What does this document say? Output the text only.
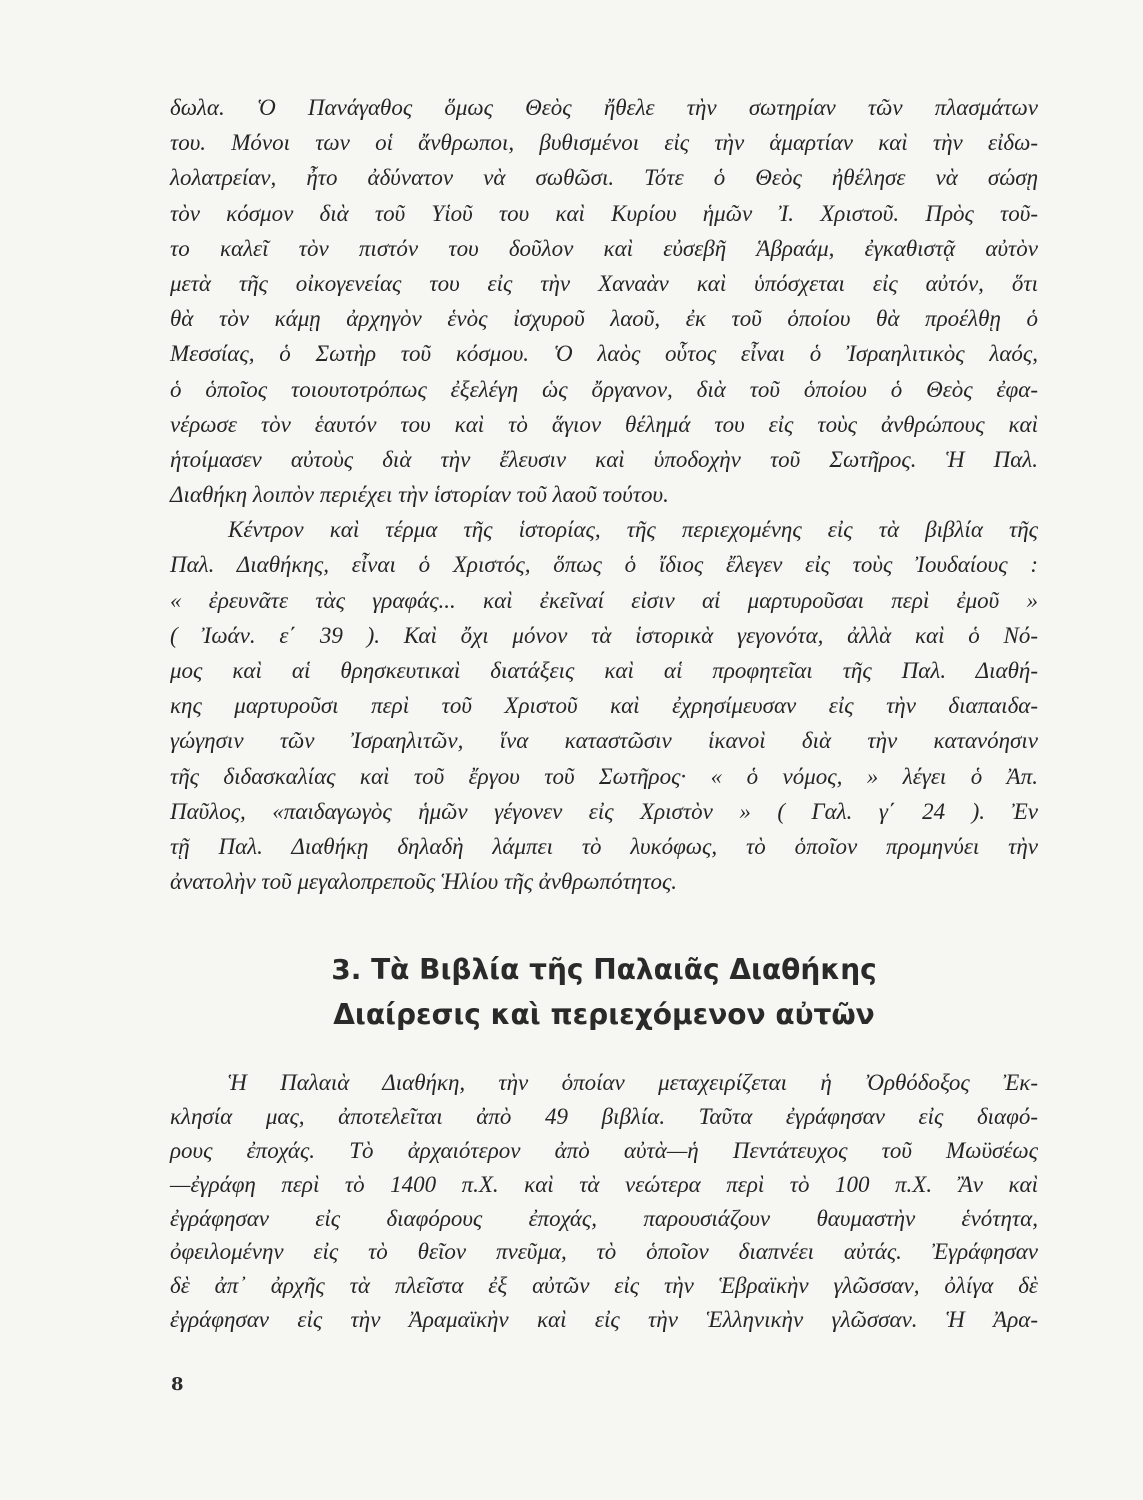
δωλα. Ὁ Πανάγαθος ὅμως Θεὸς ἤθελε τὴν σωτηρίαν τῶν πλασμάτων
του. Μόνοι των οἱ ἄνθρωποι, βυθισμένοι εἰς τὴν ἁμαρτίαν καὶ τὴν εἰδω-
λολατρείαν, ἦτο ἀδύνατον νὰ σωθῶσι. Τότε ὁ Θεὸς ἠθέλησε νὰ σώσῃ
τὸν κόσμον διὰ τοῦ Υἱοῦ του καὶ Κυρίου ἡμῶν Ἰ. Χριστοῦ. Πρὸς τοῦ-
το καλεῖ τὸν πιστόν του δοῦλον καὶ εὐσεβῆ Ἁβραάμ, ἐγκαθιστᾷ αὐτὸν
μετὰ τῆς οἰκογενείας του εἰς τὴν Χαναὰν καὶ ὑπόσχεται εἰς αὐτόν, ὅτι
θὰ τὸν κάμῃ ἀρχηγὸν ἑνὸς ἰσχυροῦ λαοῦ, ἐκ τοῦ ὁποίου θὰ προέλθῃ ὁ
Μεσσίας, ὁ Σωτὴρ τοῦ κόσμου. Ὁ λαὸς οὗτος εἶναι ὁ Ἰσραηλιτικὸς λαός,
ὁ ὁποῖος τοιουτοτρόπως ἐξελέγη ὡς ὄργανον, διὰ τοῦ ὁποίου ὁ Θεὸς ἐφα-
νέρωσε τὸν ἑαυτόν του καὶ τὸ ἅγιον θέλημά του εἰς τοὺς ἀνθρώπους καὶ
ἡτοίμασεν αὐτοὺς διὰ τὴν ἔλευσιν καὶ ὑποδοχὴν τοῦ Σωτῆρος. Ἡ Παλ.
Διαθήκη λοιπὸν περιέχει τὴν ἱστορίαν τοῦ λαοῦ τούτου.
Κέντρον καὶ τέρμα τῆς ἱστορίας, τῆς περιεχομένης εἰς τὰ βιβλία τῆς
Παλ. Διαθήκης, εἶναι ὁ Χριστός, ὅπως ὁ ἴδιος ἔλεγεν εἰς τοὺς Ἰουδαίους :
« ἐρευνᾶτε τὰς γραφάς... καὶ ἐκεῖναί εἰσιν αἱ μαρτυροῦσαι περὶ ἐμοῦ »
( Ἰωάν. ε΄ 39 ). Καὶ ὄχι μόνον τὰ ἱστορικὰ γεγονότα, ἀλλὰ καὶ ὁ Νό-
μος καὶ αἱ θρησκευτικαὶ διατάξεις καὶ αἱ προφητεῖαι τῆς Παλ. Διαθή-
κης μαρτυροῦσι περὶ τοῦ Χριστοῦ καὶ ἐχρησίμευσαν εἰς τὴν διαπαιδα-
γώγησιν τῶν Ἰσραηλιτῶν, ἵνα καταστῶσιν ἱκανοὶ διὰ τὴν κατανόησιν
τῆς διδασκαλίας καὶ τοῦ ἔργου τοῦ Σωτῆρος· « ὁ νόμος, » λέγει ὁ Ἀπ.
Παῦλος, «παιδαγωγὸς ἡμῶν γέγονεν εἰς Χριστὸν » ( Γαλ. γ΄ 24 ). Ἐν
τῇ Παλ. Διαθήκῃ δηλαδὴ λάμπει τὸ λυκόφως, τὸ ὁποῖον προμηνύει τὴν
ἀνατολὴν τοῦ μεγαλοπρεποῦς Ἡλίου τῆς ἀνθρωπότητος.
3. Τὰ Βιβλία τῆς Παλαιᾶς Διαθήκης
Διαίρεσις καὶ περιεχόμενον αὐτῶν
Ἡ Παλαιὰ Διαθήκη, τὴν ὁποίαν μεταχειρίζεται ἡ Ὀρθόδοξος Ἐκ-
κλησία μας, ἀποτελεῖται ἀπὸ 49 βιβλία. Ταῦτα ἐγράφησαν εἰς διαφό-
ρους ἐποχάς. Τὸ ἀρχαιότερον ἀπὸ αὐτὰ—ἡ Πεντάτευχος τοῦ Μωϋσέως
—ἐγράφη περὶ τὸ 1400 π.Χ. καὶ τὰ νεώτερα περὶ τὸ 100 π.Χ. Ἂν καὶ
ἐγράφησαν εἰς διαφόρους ἐποχάς, παρουσιάζουν θαυμαστὴν ἑνότητα,
ὀφειλομένην εἰς τὸ θεῖον πνεῦμα, τὸ ὁποῖον διαπνέει αὐτάς. Ἐγράφησαν
δὲ ἀπ᾽ ἀρχῆς τὰ πλεῖστα ἐξ αὐτῶν εἰς τὴν Ἑβραϊκὴν γλῶσσαν, ὀλίγα δὲ
ἐγράφησαν εἰς τὴν Ἀραμαϊκὴν καὶ εἰς τὴν Ἑλληνικὴν γλῶσσαν. Ἡ Ἀρα-
8
